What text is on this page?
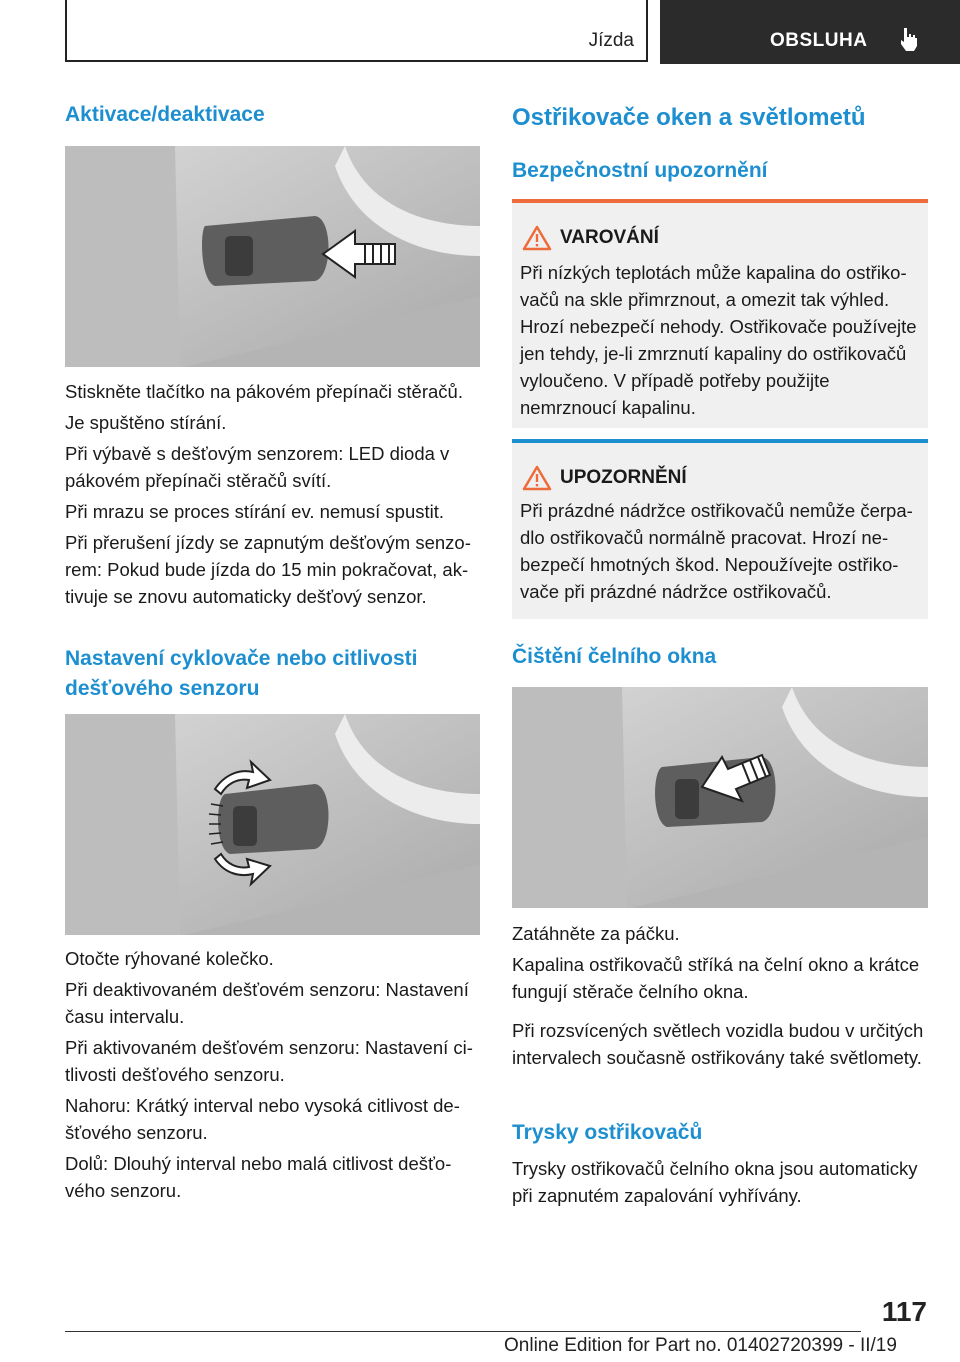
Jízda	OBSLUHA
Aktivace/deaktivace

Stiskněte tlačítko na pákovém přepínači stěračů.

Je spuštěno stírání.

Při výbavě s dešťovým senzorem: LED dioda v pákovém přepínači stěračů svítí.

Při mrazu se proces stírání ev. nemusí spustit.

Při přerušení jízdy se zapnutým dešťovým senzorem: Pokud bude jízda do 15 min pokračovat, aktivuje se znovu automaticky dešťový senzor.

Nastavení cyklovače nebo citlivosti dešťového senzoru

Otočte rýhované kolečko.

Při deaktivovaném dešťovém senzoru: Nastavení času intervalu.

Při aktivovaném dešťovém senzoru: Nastavení citlivosti dešťového senzoru.

Nahoru: Krátký interval nebo vysoká citlivost dešťového senzoru.

Dolů: Dlouhý interval nebo malá citlivost dešťového senzoru.

Ostřikovače oken a světlometů
Bezpečnostní upozornění
VAROVÁNÍ

Při nízkých teplotách může kapalina do ostřikovačů na skle přimrznout, a omezit tak výhled. Hrozí nebezpečí nehody. Ostřikovače používejte jen tehdy, je-li zmrznutí kapaliny do ostřikovačů vyloučeno. V případě potřeby použijte nemrznoucí kapalinu.

UPOZORNĚNÍ

Při prázdné nádržce ostřikovačů nemůže čerpadlo ostřikovačů normálně pracovat. Hrozí nebezpečí hmotných škod. Nepoužívejte ostřikovače při prázdné nádržce ostřikovačů.

Čištění čelního okna

Zatáhněte za páčku.

Kapalina ostřikovačů stříká na čelní okno a krátce fungují stěrače čelního okna.

Při rozsvícených světlech vozidla budou v určitých intervalech současně ostřikovány také světlomety.

Trysky ostřikovačů

Trysky ostřikovačů čelního okna jsou automaticky při zapnutém zapalování vyhřívány.

117
Online Edition for Part no. 01402720399 - II/19
